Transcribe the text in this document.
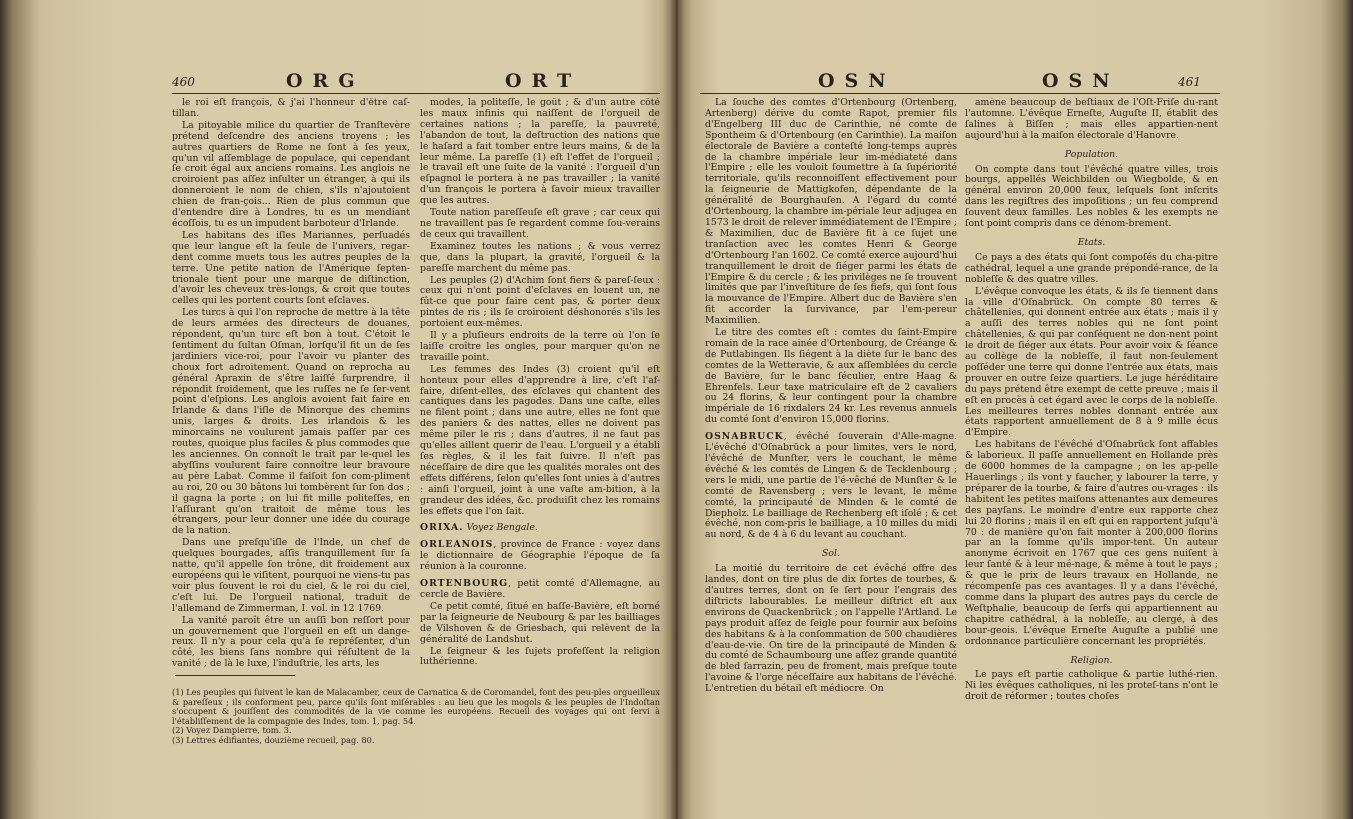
460	ORG	ORT

le roi eſt françois, & j'ai l'honneur d'être caſ-tillan.

La pitoyable milice du quartier de Tranſtevère prétend deſcendre des anciens troyens ; les autres quartiers de Rome ne ſont à ſes yeux, qu'un vil aſſemblage de populace, qui cependant ſe croit égal aux anciens romains. Les anglois ne croiroient pas aſſez inſulter un étranger, à qui ils donneroient le nom de chien, s'ils n'ajoutoient chien de fran-çois... Rien de plus commun que d'entendre dire à Londres, tu es un mendiant écoſſois, tu es un impudent barboteur d'Irlande.

Les habitans des iſles Mariannes, perſuadés que leur langue eſt la ſeule de l'univers, regar-dent comme muets tous les autres peuples de la terre. Une petite nation de l'Amérique ſepten-trionale tient pour une marque de diſtinction, d'avoir les cheveux très-longs, & croit que toutes celles qui les portent courts ſont eſclaves.

Les turcs à qui l'on reproche de mettre à la tête de leurs armées des directeurs de douanes, répondent, qu'un turc eſt bon à tout. C'étoit le ſentiment du ſultan Oſman, lorſqu'il fit un de ſes jardiniers vice-roi, pour l'avoir vu planter des choux fort adroitement. Quand on reprocha au général Apraxin de s'être laiſſé ſurprendre, il répondit froidement, que les ruſſes ne ſe ſer-vent point d'eſpions. Les anglois avoient fait faire en Irlande & dans l'iſle de Minorque des chemins unis, larges & droits. Les irlandois & les minorcains ne voulurent jamais paſſer par ces routes, quoique plus faciles & plus commodes que les anciennes. On connoît le trait par le-quel les abyſſins voulurent faire connoître leur bravoure au père Labat. Comme il faiſoit ſon com-pliment au roi, 20 ou 30 bâtons lui tombèrent ſur ſon dos ; il gagna la porte ; on lui fit mille politeſſes, en l'aſſurant qu'on traitoit de même tous les étrangers, pour leur donner une idée du courage de la nation.

Dans une preſqu'iſle de l'Inde, un chef de quelques bourgades, aſſis tranquillement ſur ſa natte, qu'il appelle ſon trône, dit froidement aux européens qui le viſitent, pourquoi ne viens-tu pas voir plus ſouvent le roi du ciel, & le roi du ciel, c'eſt lui. De l'orgueil national, traduit de l'allemand de Zimmerman, I. vol. in 12 1769.

La vanité paroît être un auſſi bon reſſort pour un gouvernement que l'orgueil en eſt un dange-reux. Il n'y a pour cela qu'à ſe repréſenter, d'un côté, les biens ſans nombre qui réſultent de la vanité ; de là le luxe, l'induſtrie, les arts, les

modes, la politeſſe, le goût ; & d'un autre côté les maux infinis qui naiſſent de l'orgueil de certaines nations ; la pareſſe, la pauvreté, l'abandon de tout, la deſtruction des nations que le haſard a fait tomber entre leurs mains, & de la leur même. La pareſſe (1) eſt l'effet de l'orgueil ; le travail eſt une ſuite de la vanité : l'orgueil d'un eſpagnol le portera à ne pas travailler ; la vanité d'un françois le portera à ſavoir mieux travailler que les autres.

Toute nation pareſſeuſe eſt grave ; car ceux qui ne travaillent pas ſe regardent comme ſou-verains de ceux qui travaillent.

Examinez toutes les nations ; & vous verrez que, dans la plupart, la gravité, l'orgueil & la pareſſe marchent du même pas.

Les peuples (2) d'Achim ſont fiers & pareſ-ſeux : ceux qui n'ont point d'eſclaves en louent un, ne fût-ce que pour faire cent pas, & porter deux pintes de ris ; ils ſe croiroient déshonorés s'ils les portoient eux-mêmes.

Il y a pluſieurs endroits de la terre où l'on ſe laiſſe croître les ongles, pour marquer qu'on ne travaille point.

Les femmes des Indes (3) croient qu'il eſt honteux pour elles d'apprendre à lire, c'eſt l'af-faire, diſent-elles, des eſclaves qui chantent des cantiques dans les pagodes. Dans une caſte, elles ne filent point ; dans une autre, elles ne font que des paniers & des nattes, elles ne doivent pas même piler le ris ; dans d'autres, il ne faut pas qu'elles aillent querir de l'eau. L'orgueil y a établi ſes règles, & il les fait ſuivre. Il n'eſt pas néceſſaire de dire que les qualités morales ont des effets différens, ſelon qu'elles ſont unies à d'autres : ainſi l'orgueil, joint à une vaſte am-bition, à la grandeur des idées, &c. produiſit chez les romains les effets que l'on ſait.

ORIXA. Voyez Bengale.

ORLEANOIS, province de France : voyez dans le dictionnaire de Géographie l'époque de ſa réunion à la couronne.

ORTENBOURG, petit comté d'Allemagne, au cercle de Bavière.

Ce petit comté, ſitué en baſſe-Bavière, eſt borné par la ſeigneurie de Neubourg & par les bailliages de Vilshoven & de Griesbach, qui relèvent de la généralité de Landshut.

Le ſeigneur & les ſujets profeſſent la religion luthérienne.

(1) Les peuples qui ſuivent le kan de Malacamber, ceux de Carnatica & de Coromandel, font des peu-ples orgueilleux & pareſſeux ; ils conforment peu, parce qu'ils ſont miſérables : au lieu que les mogols & les peuples de l'Indoſtan s'occupent & jouiſſent des commodités de la vie comme les européens. Recueil des voyages qui ont ſervi à l'établiſſement de la compagnie des Indes, tom. 1, pag. 54.

(2) Voyez Dampierre, tom. 3.

(3) Lettres édifiantes, douzième recueil, pag. 80.

OSN	OSN	461

La ſouche des comtes d'Ortenbourg (Ortenberg, Artenberg) dérive du comte Rapot, premier fils d'Engelberg III duc de Carinthie, né comte de Spontheim & d'Ortenbourg (en Carinthie). La maiſon électorale de Bavière a conteſté long-temps auprès de la chambre impériale leur im-médiateté dans l'Empire ; elle les vouloit ſoumettre à ſa ſupériorité territoriale, qu'ils reconnoiſſent effectivement pour la ſeigneurie de Mattigkofen, dépendante de la généralité de Bourghauſen. A l'égard du comté d'Ortenbourg, la chambre im-périale leur adjugea en 1573 le droit de relever immédiatement de l'Empire ; & Maximilien, duc de Bavière fit à ce ſujet une tranſaction avec les comtes Henri & George d'Ortenbourg l'an 1602. Ce comté exerce aujourd'hui tranquillement le droit de ſiéger parmi les états de l'Empire & du cercle ; & les privilèges ne ſe trouvent limités que par l'inveſtiture de ſes fiefs, qui ſont ſous la mouvance de l'Empire. Albert duc de Bavière s'en fit accorder la ſurvivance, par l'em-pereur Maximilien.

Le titre des comtes eſt : comtes du ſaint-Empire romain de la race ainée d'Ortenbourg, de Créange & de Putlabingen. Ils ſiégent à la diète ſur le banc des comtes de la Wetteravie, & aux aſſemblées du cercle de Bavière, ſur le banc ſéculier, entre Haag & Ehrenfels. Leur taxe matriculaire eſt de 2 cavaliers ou 24 florins, & leur contingent pour la chambre impériale de 16 rixdalers 24 kr. Les revenus annuels du comté ſont d'environ 15,000 florins.

OSNABRUCK, évêché ſouverain d'Alle-magne. L'évêché d'Oſnabrück a pour limites, vers le nord, l'évêché de Munſter, vers le couchant, le même évêché & les comtés de Lingen & de Tecklenbourg ; vers le midi, une partie de l'é-vêché de Munſter & le comté de Ravensberg ; vers le levant, le même comté, la principauté de Minden & le comté de Diepholz. Le bailliage de Rechenberg eſt iſolé ; & cet évêché, non com-pris le bailliage, a 10 milles du midi au nord, & de 4 à 6 du levant au couchant.

Sol.

La moitié du territoire de cet évêché offre des landes, dont on tire plus de dix ſortes de tourbes, & d'autres terres, dont on ſe ſert pour l'engrais des diſtricts labourables. Le meilleur diſtrict eſt aux environs de Quackenbrück ; on l'appelle l'Artland. Le pays produit aſſez de ſeigle pour fournir aux beſoins des habitans & à la conſommation de 500 chaudières d'eau-de-vie. On tire de la principauté de Minden & du comté de Schaumbourg une aſſez grande quantité de bled ſarrazin, peu de froment, mais preſque toute l'avoine & l'orge néceſſaire aux habitans de l'évêché. L'entretien du bétail eſt médiocre. On

amène beaucoup de beſtiaux de l'Oſt-Friſe du-rant l'automne. L'évêque Erneſte, Auguſte II, établit des ſalines à Biſſen ; mais elles appartien-nent aujourd'hui à la maiſon électorale d'Hanovre.

Population.

On compte dans tout l'évêché quatre villes, trois bourgs, appellés Weichbilden ou Wiegbolde, & en général environ 20,000 feux, leſquels ſont inſcrits dans les regiſtres des impoſitions ; un feu comprend ſouvent deux familles. Les nobles & les exempts ne ſont point compris dans ce dénom-brement.

Etats.

Ce pays a des états qui ſont compoſés du cha-pitre cathédral, lequel a une grande prépondé-rance, de la nobleſſe & des quatre villes.

L'évêque convoque les états, & ils ſe tiennent dans la ville d'Oſnabrück. On compte 80 terres & châtellenies, qui donnent entrée aux états ; mais il y a auſſi des terres nobles qui ne ſont point châtellenies, & qui par conſéquent ne don-nent point le droit de ſiéger aux états. Pour avoir voix & ſéance au collège de la nobleſſe, il faut non-ſeulement poſſéder une terre qui donne l'entrée aux états, mais prouver en outre ſeize quartiers. Le juge héréditaire du pays prétend être exempt de cette preuve ; mais il eſt en procès à cet égard avec le corps de la nobleſſe. Les meilleures terres nobles donnant entrée aux états rapportent annuellement de 8 à 9 mille écus d'Empire.

Les habitans de l'évêché d'Oſnabrück ſont affables & laborieux. Il paſſe annuellement en Hollande près de 6000 hommes de la campagne ; on les ap-pelle Hauerlings ; ils vont y faucher, y labourer la terre, y préparer de la tourbe, & faire d'autres ou-vrages : ils habitent les petites maiſons attenantes aux demeures des payſans. Le moindre d'entre eux rapporte chez lui 20 florins ; mais il en eſt qui en rapportent juſqu'à 70 : de manière qu'on fait monter à 200,000 florins par an la ſomme qu'ils impor-tent. Un auteur anonyme écrivoit en 1767 que ces gens nuiſent à leur ſanté & à leur mé-nage, & même à tout le pays ; & que le prix de leurs travaux en Hollande, ne récompenſe pas ces avantages. Il y a dans l'évêché, comme dans la plupart des autres pays du cercle de Weſtphalie, beaucoup de ſerfs qui appartiennent au chapitre cathédral, à la nobleſſe, au clergé, à des bour-geois. L'évêque Erneſte Auguſte a publié une ordonnance particulière concernant les propriétés.

Religion.

Le pays eſt partie catholique & partie luthé-rien. Ni les évêques catholiques, ni les proteſ-tans n'ont le droit de réformer ; toutes choſes
